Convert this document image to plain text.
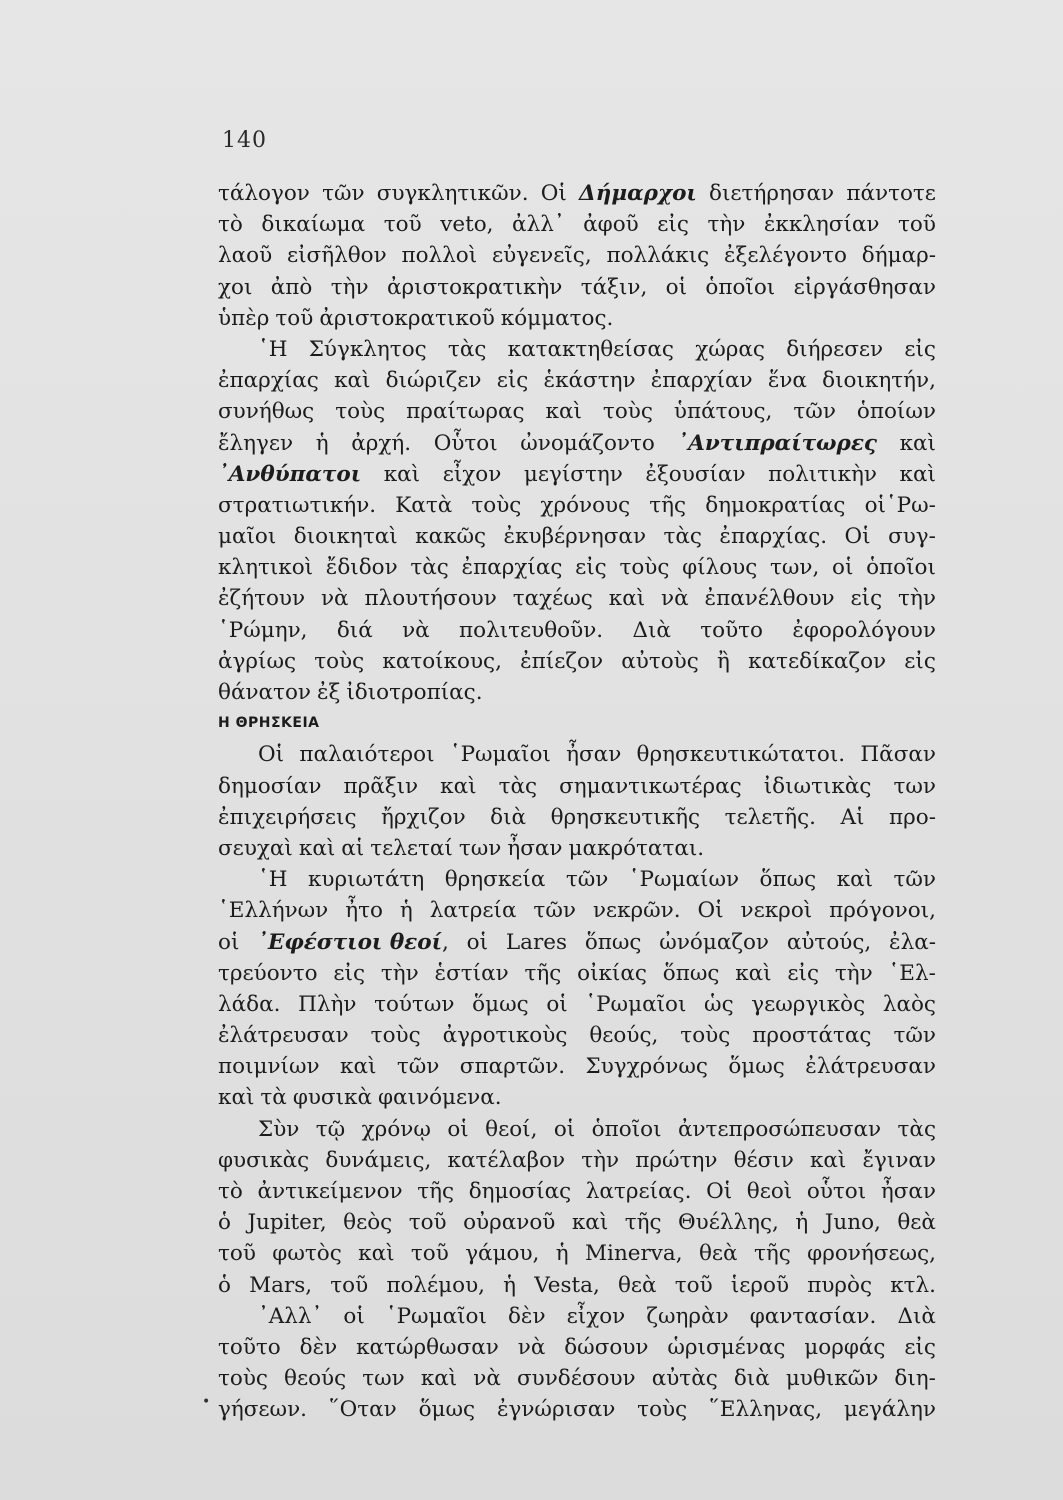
140
τάλογον τῶν συγκλητικῶν. Οἱ Δήμαρχοι διετήρησαν πάντοτε
τὸ δικαίωμα τοῦ veto, ἀλλ᾿ ἀφοῦ εἰς τὴν ἐκκλησίαν τοῦ
λαοῦ εἰσῆλθον πολλοὶ εὐγενεῖς, πολλάκις ἐξελέγοντο δήμαρ-
χοι ἀπὸ τὴν ἀριστοκρατικὴν τάξιν, οἱ ὁποῖοι εἰργάσθησαν
ὑπὲρ τοῦ ἀριστοκρατικοῦ κόμματος.
῾Η Σύγκλητος τὰς κατακτηθείσας χώρας διήρεσεν εἰς
ἐπαρχίας καὶ διώριζεν εἰς ἑκάστην ἐπαρχίαν ἕνα διοικητήν,
συνήθως τοὺς πραίτωρας καὶ τοὺς ὑπάτους, τῶν ὁποίων
ἔληγεν ἡ ἀρχή. Οὗτοι ὠνομάζοντο ᾿Αντιπραίτωρες καὶ
᾿Ανθύπατοι καὶ εἶχον μεγίστην ἐξουσίαν πολιτικὴν καὶ
στρατιωτικήν. Κατὰ τοὺς χρόνους τῆς δημοκρατίας οἱ῾Ρω-
μαῖοι διοικηταὶ κακῶς ἐκυβέρνησαν τὰς ἐπαρχίας. Οἱ συγ-
κλητικοὶ ἔδιδον τὰς ἐπαρχίας εἰς τοὺς φίλους των, οἱ ὁποῖοι
ἐζήτουν νὰ πλουτήσουν ταχέως καὶ νὰ ἐπανέλθουν εἰς τὴν
῾Ρώμην, διά νὰ πολιτευθοῦν. Διὰ τοῦτο ἐφορολόγουν
ἀγρίως τοὺς κατοίκους, ἐπίεζον αὐτοὺς ἢ κατεδίκαζον εἰς
θάνατον ἐξ ἰδιοτροπίας.
Η ΘΡΗΣΚΕΙΑ
Οἱ παλαιότεροι ῾Ρωμαῖοι ἦσαν θρησκευτικώτατοι. Πᾶσαν
δημοσίαν πρᾶξιν καὶ τὰς σημαντικωτέρας ἰδιωτικὰς των
ἐπιχειρήσεις ἤρχιζον διὰ θρησκευτικῆς τελετῆς. Αἱ προ-
σευχαὶ καὶ αἱ τελεταί των ἦσαν μακρόταται.
῾Η κυριωτάτη θρησκεία τῶν ῾Ρωμαίων ὅπως καὶ τῶν
῾Ελλήνων ἦτο ἡ λατρεία τῶν νεκρῶν. Οἱ νεκροὶ πρόγονοι,
οἱ ᾿Εφέστιοι θεοί, οἱ Lares ὅπως ὠνόμαζον αὐτούς, ἐλα-
τρεύοντο εἰς τὴν ἑστίαν τῆς οἰκίας ὅπως καὶ εἰς τὴν ῾Ελ-
λάδα. Πλὴν τούτων ὅμως οἱ ῾Ρωμαῖοι ὡς γεωργικὸς λαὸς
ἐλάτρευσαν τοὺς ἀγροτικοὺς θεούς, τοὺς προστάτας τῶν
ποιμνίων καὶ τῶν σπαρτῶν. Συγχρόνως ὅμως ἐλάτρευσαν
καὶ τὰ φυσικὰ φαινόμενα.
Σὺν τῷ χρόνῳ οἱ θεοί, οἱ ὁποῖοι ἀντεπροσώπευσαν τὰς
φυσικὰς δυνάμεις, κατέλαβον τὴν πρώτην θέσιν καὶ ἔγιναν
τὸ ἀντικείμενον τῆς δημοσίας λατρείας. Οἱ θεοὶ οὗτοι ἦσαν
ὁ Jupiter, θεὸς τοῦ οὐρανοῦ καὶ τῆς Θυέλλης, ἡ Juno, θεὰ
τοῦ φωτὸς καὶ τοῦ γάμου, ἡ Minerva, θεὰ τῆς φρονήσεως,
ὁ Mars, τοῦ πολέμου, ἡ Vesta, θεὰ τοῦ ἱεροῦ πυρὸς κτλ.
᾿Αλλ᾿ οἱ ῾Ρωμαῖοι δὲν εἶχον ζωηρὰν φαντασίαν. Διὰ
τοῦτο δὲν κατώρθωσαν νὰ δώσουν ὡρισμένας μορφάς εἰς
τοὺς θεούς των καὶ νὰ συνδέσουν αὐτὰς διὰ μυθικῶν διη-
γήσεων. ῞Οταν ὅμως ἐγνώρισαν τοὺς ῞Ελληνας, μεγάλην
•
